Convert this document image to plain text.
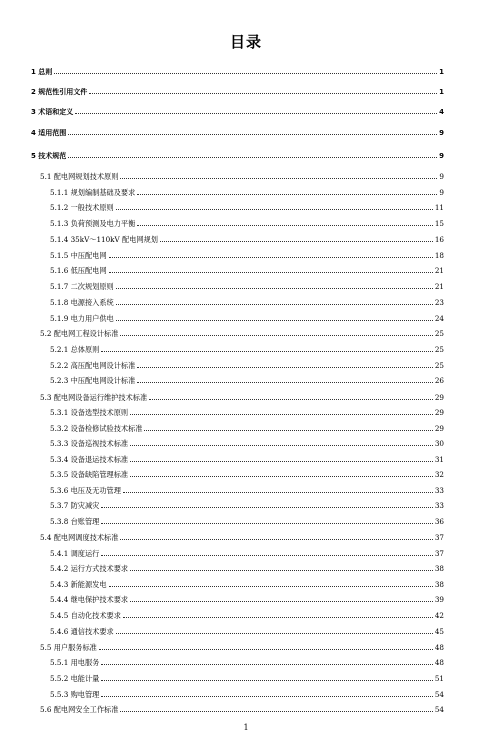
目录
1 总则	1
2 规范性引用文件	1
3 术语和定义	4
4 适用范围	9
5 技术规范	9
5.1 配电网规划技术原则	9
5.1.1 规划编制基础及要求	9
5.1.2 一般技术原则	11
5.1.3 负荷预测及电力平衡	15
5.1.4 35kV～110kV 配电网规划	16
5.1.5 中压配电网	18
5.1.6 低压配电网	21
5.1.7 二次规划原则	21
5.1.8 电源接入系统	23
5.1.9 电力用户供电	24
5.2 配电网工程设计标准	25
5.2.1 总体原则	25
5.2.2 高压配电网设计标准	25
5.2.3 中压配电网设计标准	26
5.3 配电网设备运行维护技术标准	29
5.3.1 设备选型技术原则	29
5.3.2 设备检修试验技术标准	29
5.3.3 设备巡视技术标准	30
5.3.4 设备退运技术标准	31
5.3.5 设备缺陷管理标准	32
5.3.6 电压及无功管理	33
5.3.7 防灾减灾	33
5.3.8 台账管理	36
5.4 配电网调度技术标准	37
5.4.1 调度运行	37
5.4.2 运行方式技术要求	38
5.4.3 新能源发电	38
5.4.4 继电保护技术要求	39
5.4.5 自动化技术要求	42
5.4.6 通信技术要求	45
5.5 用户服务标准	48
5.5.1 用电服务	48
5.5.2 电能计量	51
5.5.3 购电管理	54
5.6 配电网安全工作标准	54
1
